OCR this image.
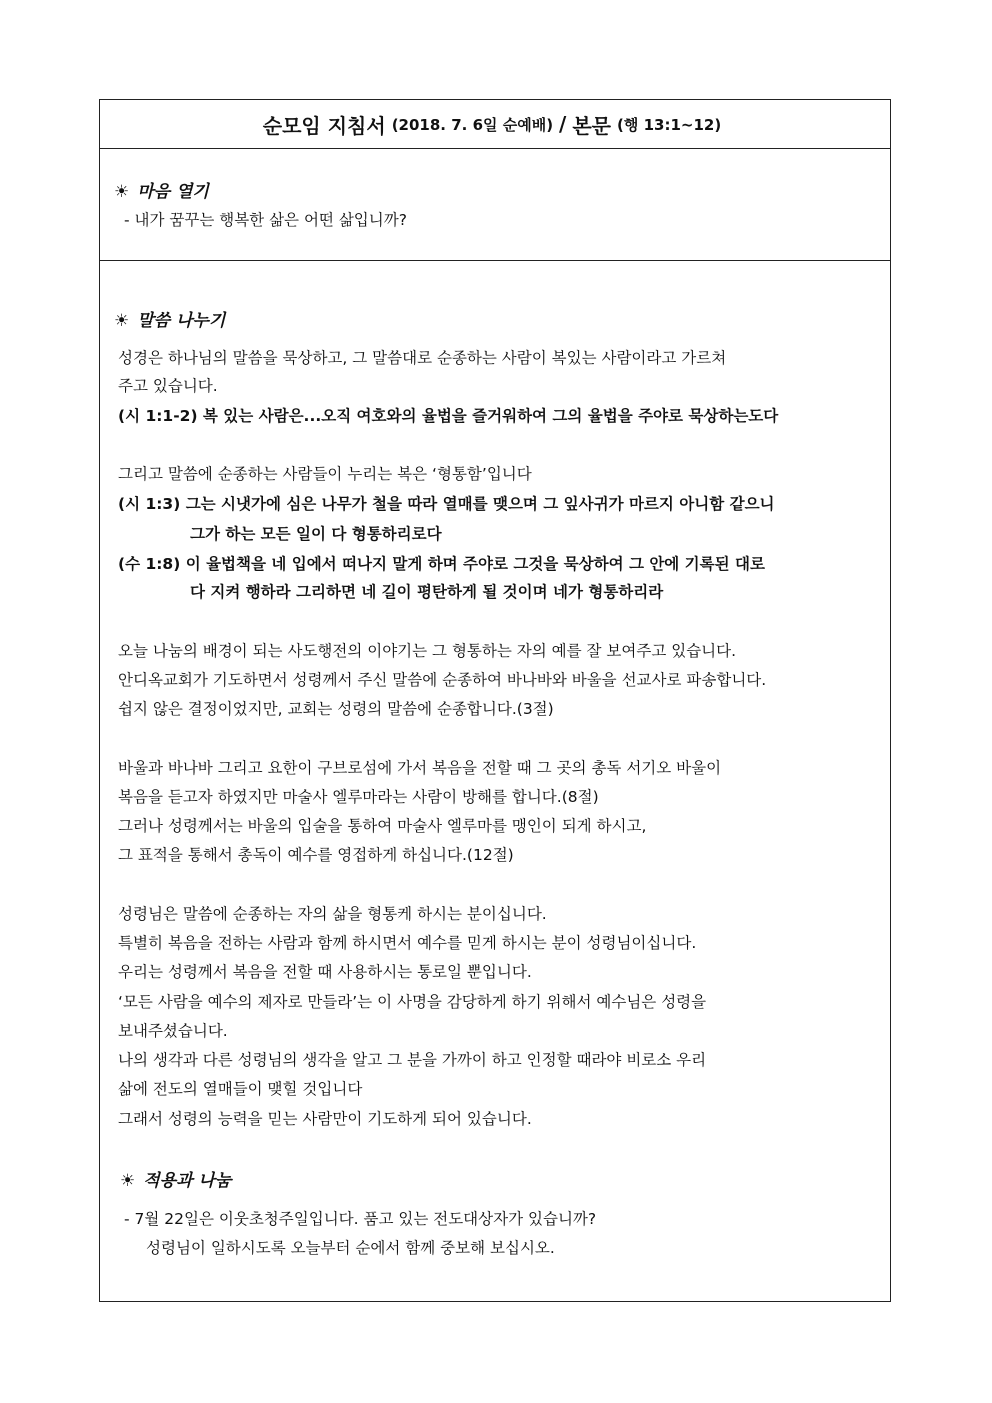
순모임 지침서 (2018. 7. 6일 순예배) / 본문 (행 13:1~12)
☀ 마음 열기
- 내가 꿈꾸는 행복한 삶은 어떤 삶입니까?
☀ 말씀 나누기
성경은 하나님의 말씀을 묵상하고, 그 말씀대로 순종하는 사람이 복있는 사람이라고 가르쳐
주고 있습니다.
(시 1:1-2) 복 있는 사람은...오직 여호와의 율법을 즐거워하여 그의 율법을 주야로 묵상하는도다
그리고 말씀에 순종하는 사람들이 누리는 복은 ‘형통함’입니다
(시 1:3) 그는 시냇가에 심은 나무가 철을 따라 열매를 맺으며 그 잎사귀가 마르지 아니함 같으니
그가 하는 모든 일이 다 형통하리로다
(수 1:8) 이 율법책을 네 입에서 떠나지 말게 하며 주야로 그것을 묵상하여 그 안에 기록된 대로
다 지켜 행하라 그리하면 네 길이 평탄하게 될 것이며 네가 형통하리라
오늘 나눔의 배경이 되는 사도행전의 이야기는 그 형통하는 자의 예를 잘 보여주고 있습니다.
안디옥교회가 기도하면서 성령께서 주신 말씀에 순종하여 바나바와 바울을 선교사로 파송합니다.
쉽지 않은 결정이었지만, 교회는 성령의 말씀에 순종합니다.(3절)
바울과 바나바 그리고 요한이 구브로섬에 가서 복음을 전할 때 그 곳의 총독 서기오 바울이
복음을 듣고자 하였지만 마술사 엘루마라는 사람이 방해를 합니다.(8절)
그러나 성령께서는 바울의 입술을 통하여 마술사 엘루마를 맹인이 되게 하시고,
그 표적을 통해서 총독이 예수를 영접하게 하십니다.(12절)
성령님은 말씀에 순종하는 자의 삶을 형통케 하시는 분이십니다.
특별히 복음을 전하는 사람과 함께 하시면서 예수를 믿게 하시는 분이 성령님이십니다.
우리는 성령께서 복음을 전할 때 사용하시는 통로일 뿐입니다.
‘모든 사람을 예수의 제자로 만들라’는 이 사명을 감당하게 하기 위해서 예수님은 성령을
보내주셨습니다.
나의 생각과 다른 성령님의 생각을 알고 그 분을 가까이 하고 인정할 때라야 비로소 우리
삶에 전도의 열매들이 맺힐 것입니다
그래서 성령의 능력을 믿는 사람만이 기도하게 되어 있습니다.
☀ 적용과 나눔
- 7월 22일은 이웃초청주일입니다. 품고 있는 전도대상자가 있습니까?
성령님이 일하시도록 오늘부터 순에서 함께 중보해 보십시오.
